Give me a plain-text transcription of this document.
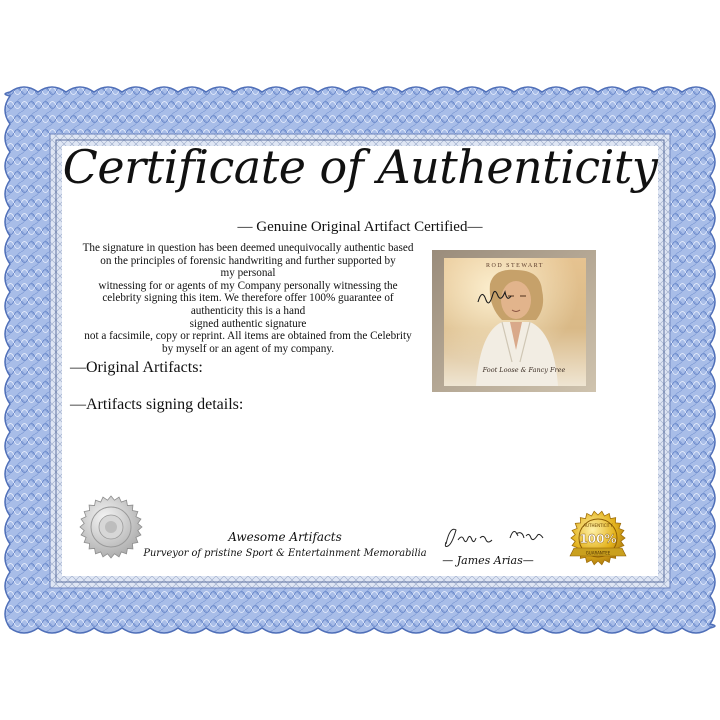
Certificate of Authenticity
— Genuine Original Artifact Certified—
The signature in question has been deemed unequivocally authentic based
on the principles of forensic handwriting and further supported by
my personal
witnessing for or agents of my Company personally witnessing the
celebrity signing this item. We therefore offer 100% guarantee of
authenticity this is a hand
signed authentic signature
not a facsimile, copy or reprint. All items are obtained from the Celebrity
by myself or an agent of my company.
—Original Artifacts:
—Artifacts signing details:
ROD STEWART
Foot Loose & Fancy Free
Awesome Artifacts
Purveyor of pristine Sport & Entertainment Memorabilia
— James Arias—
100%
AUTHENTICITY
GUARANTEE
